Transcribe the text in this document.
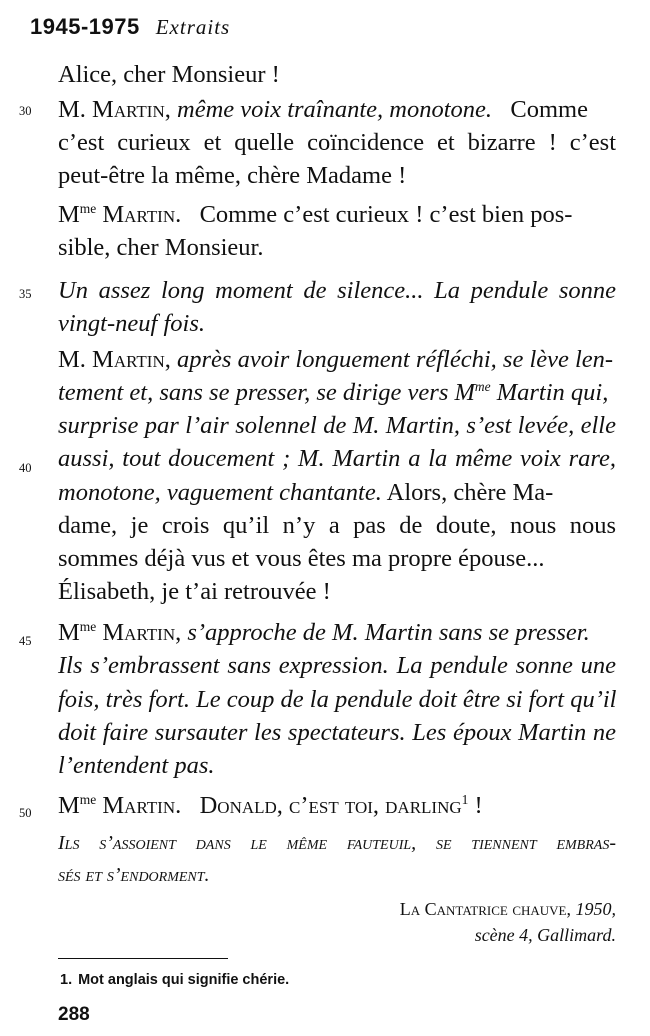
1945-1975 Extraits
30
35
40
45
50
Alice, cher Monsieur !
M. Martin, même voix traînante, monotone. Comme
c’est curieux et quelle coïncidence et bizarre ! c’est
peut-être la même, chère Madame !
$M^{me}$ Martin. Comme c’est curieux ! c’est bien pos-
sible, cher Monsieur.
Un assez long moment de silence... La pendule sonne
vingt-neuf fois.
M. Martin, après avoir longuement réfléchi, se lève len-
tement et, sans se presser, se dirige vers $M^{me}$ Martin qui,
surprise par l’air solennel de M. Martin, s’est levée, elle
aussi, tout doucement ; M. Martin a la même voix rare,
monotone, vaguement chantante. Alors, chère Ma-
dame, je crois qu’il n’y a pas de doute, nous nous
sommes déjà vus et vous êtes ma propre épouse...
Élisabeth, je t’ai retrouvée !
$M^{me}$ Martin, s’approche de M. Martin sans se presser.
Ils s’embrassent sans expression. La pendule sonne une
fois, très fort. Le coup de la pendule doit être si fort qu’il
doit faire sursauter les spectateurs. Les époux Martin ne
l’entendent pas.
$M^{me}$ Martin. Donald, c’est toi, darling$^1$ !
Ils s’assoient dans le même fauteuil, se tiennent embras-
sés et s’endorment.
La Cantatrice chauve, 1950,
scène 4, Gallimard.
1. Mot anglais qui signifie chérie.
288
